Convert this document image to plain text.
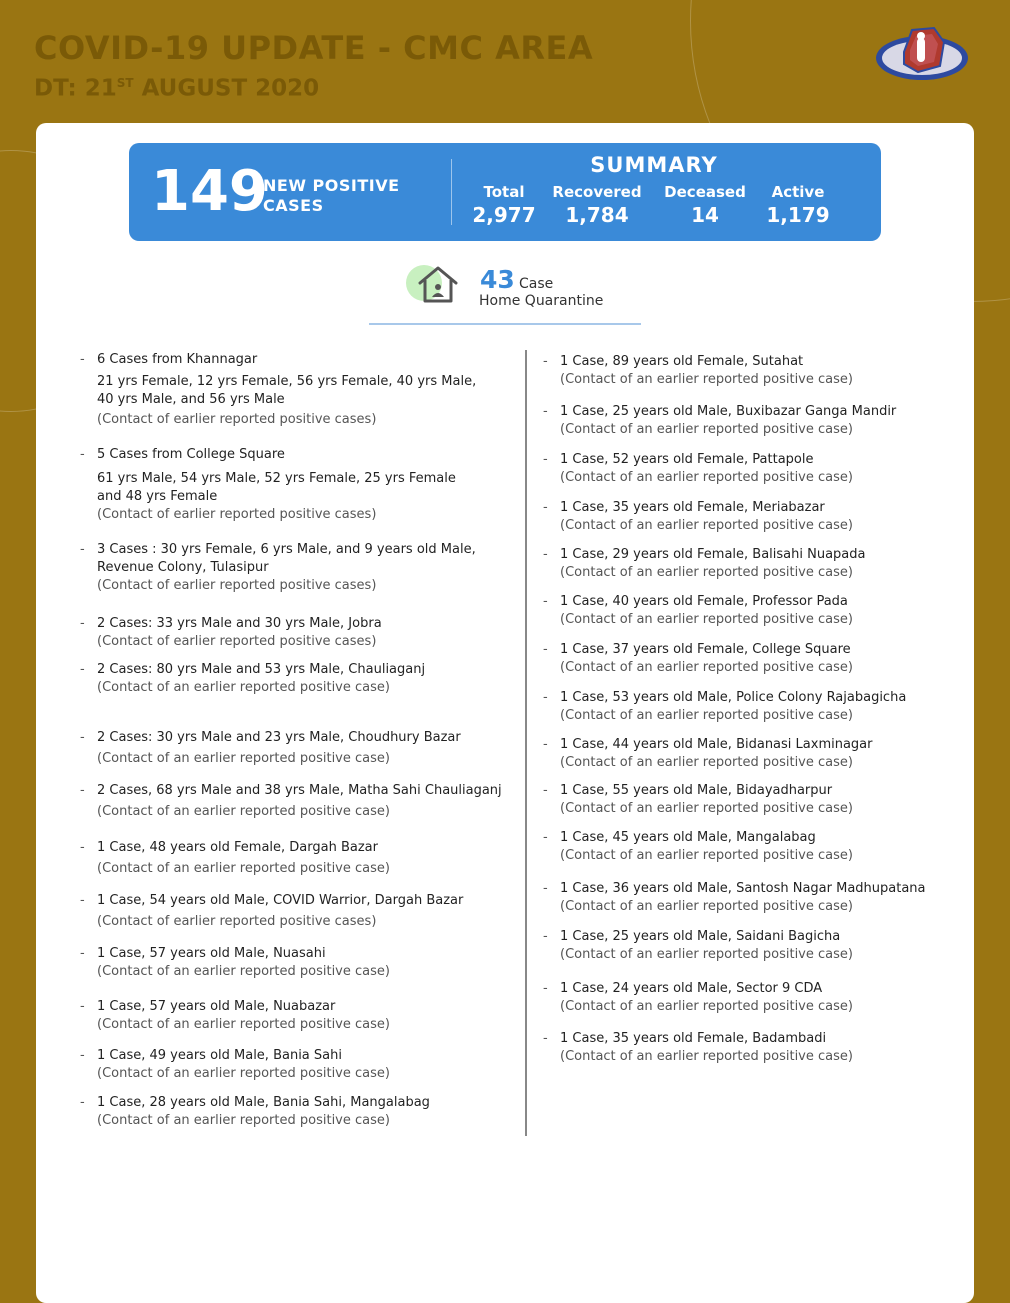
COVID-19 UPDATE - CMC AREA
DT: 21ST AUGUST 2020
149
NEW POSITIVE CASES
SUMMARY
Total
2,977
Recovered
1,784
Deceased
14
Active
1,179
43 Case
Home Quarantine
- 6 Cases from Khannagar
21 yrs Female, 12 yrs Female, 56 yrs Female, 40 yrs Male,
40 yrs Male, and 56 yrs Male
(Contact of earlier reported positive cases)
- 5 Cases from College Square
61 yrs Male, 54 yrs Male, 52 yrs Female, 25 yrs Female
and 48 yrs Female
(Contact of earlier reported positive cases)
- 3 Cases : 30 yrs Female, 6 yrs Male, and 9 years old Male,
Revenue Colony, Tulasipur
(Contact of earlier reported positive cases)
- 2 Cases: 33 yrs Male and 30 yrs Male, Jobra
(Contact of earlier reported positive cases)
- 2 Cases: 80 yrs Male and 53 yrs Male, Chauliaganj
(Contact of an earlier reported positive case)
- 2 Cases: 30 yrs Male and 23 yrs Male, Choudhury Bazar
(Contact of an earlier reported positive case)
- 2 Cases, 68 yrs Male and 38 yrs Male, Matha Sahi Chauliaganj
(Contact of an earlier reported positive case)
- 1 Case, 48 years old Female, Dargah Bazar
(Contact of an earlier reported positive case)
- 1 Case, 54 years old Male, COVID Warrior, Dargah Bazar
(Contact of earlier reported positive cases)
- 1 Case, 57 years old Male, Nuasahi
(Contact of an earlier reported positive case)
- 1 Case, 57 years old Male, Nuabazar
(Contact of an earlier reported positive case)
- 1 Case, 49 years old Male, Bania Sahi
(Contact of an earlier reported positive case)
- 1 Case, 28 years old Male, Bania Sahi, Mangalabag
(Contact of an earlier reported positive case)
- 1 Case, 89 years old Female, Sutahat
(Contact of an earlier reported positive case)
- 1 Case, 25 years old Male, Buxibazar Ganga Mandir
(Contact of an earlier reported positive case)
- 1 Case, 52 years old Female, Pattapole
(Contact of an earlier reported positive case)
- 1 Case, 35 years old Female, Meriabazar
(Contact of an earlier reported positive case)
- 1 Case, 29 years old Female, Balisahi Nuapada
(Contact of an earlier reported positive case)
- 1 Case, 40 years old Female, Professor Pada
(Contact of an earlier reported positive case)
- 1 Case, 37 years old Female, College Square
(Contact of an earlier reported positive case)
- 1 Case, 53 years old Male, Police Colony Rajabagicha
(Contact of an earlier reported positive case)
- 1 Case, 44 years old Male, Bidanasi Laxminagar
(Contact of an earlier reported positive case)
- 1 Case, 55 years old Male, Bidayadharpur
(Contact of an earlier reported positive case)
- 1 Case, 45 years old Male, Mangalabag
(Contact of an earlier reported positive case)
- 1 Case, 36 years old Male, Santosh Nagar Madhupatana
(Contact of an earlier reported positive case)
- 1 Case, 25 years old Male, Saidani Bagicha
(Contact of an earlier reported positive case)
- 1 Case, 24 years old Male, Sector 9 CDA
(Contact of an earlier reported positive case)
- 1 Case, 35 years old Female, Badambadi
(Contact of an earlier reported positive case)
